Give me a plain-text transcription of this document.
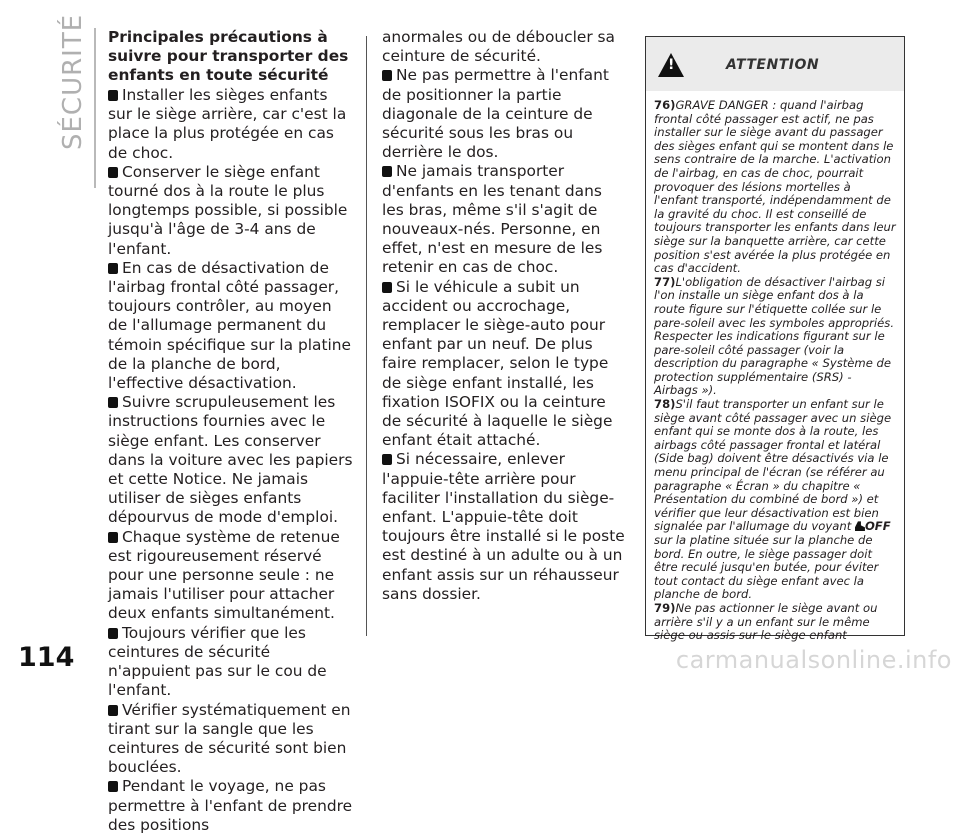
SÉCURITÉ
114
Principales précautions à suivre pour transporter des enfants en toute sécurité

Installer les sièges enfants sur le siège arrière, car c'est la place la plus protégée en cas de choc.

Conserver le siège enfant tourné dos à la route le plus longtemps possible, si possible jusqu'à l'âge de 3-4 ans de l'enfant.

En cas de désactivation de l'airbag frontal côté passager, toujours contrôler, au moyen de l'allumage permanent du témoin spécifique sur la platine de la planche de bord, l'effective désactivation.

Suivre scrupuleusement les instructions fournies avec le siège enfant. Les conserver dans la voiture avec les papiers et cette Notice. Ne jamais utiliser de sièges enfants dépourvus de mode d'emploi.

Chaque système de retenue est rigoureusement réservé pour une personne seule : ne jamais l'utiliser pour attacher deux enfants simultanément.

Toujours vérifier que les ceintures de sécurité n'appuient pas sur le cou de l'enfant.

Vérifier systématiquement en tirant sur la sangle que les ceintures de sécurité sont bien bouclées.

Pendant le voyage, ne pas permettre à l'enfant de prendre des positions

anormales ou de déboucler sa ceinture de sécurité.

Ne pas permettre à l'enfant de positionner la partie diagonale de la ceinture de sécurité sous les bras ou derrière le dos.

Ne jamais transporter d'enfants en les tenant dans les bras, même s'il s'agit de nouveaux-nés. Personne, en effet, n'est en mesure de les retenir en cas de choc.

Si le véhicule a subit un accident ou accrochage, remplacer le siège-auto pour enfant par un neuf. De plus faire remplacer, selon le type de siège enfant installé, les fixation ISOFIX ou la ceinture de sécurité à laquelle le siège enfant était attaché.

Si nécessaire, enlever l'appuie-tête arrière pour faciliter l'installation du siège-enfant. L'appuie-tête doit toujours être installé si le poste est destiné à un adulte ou à un enfant assis sur un réhausseur sans dossier.

!	ATTENTION

76)GRAVE DANGER : quand l'airbag frontal côté passager est actif, ne pas installer sur le siège avant du passager des sièges enfant qui se montent dans le sens contraire de la marche. L'activation de l'airbag, en cas de choc, pourrait provoquer des lésions mortelles à l'enfant transporté, indépendamment de la gravité du choc. Il est conseillé de toujours transporter les enfants dans leur siège sur la banquette arrière, car cette position s'est avérée la plus protégée en cas d'accident.

77)L'obligation de désactiver l'airbag si l'on installe un siège enfant dos à la route figure sur l'étiquette collée sur le pare-soleil avec les symboles appropriés. Respecter les indications figurant sur le pare-soleil côté passager (voir la description du paragraphe « Système de protection supplémentaire (SRS) - Airbags »).

78)S'il faut transporter un enfant sur le siège avant côté passager avec un siège enfant qui se monte dos à la route, les airbags côté passager frontal et latéral (Side bag) doivent être désactivés via le menu principal de l'écran (se référer au paragraphe « Écran » du chapitre « Présentation du combiné de bord ») et vérifier que leur désactivation est bien signalée par l'allumage du voyant OFF sur la platine située sur la planche de bord. En outre, le siège passager doit être reculé jusqu'en butée, pour éviter tout contact du siège enfant avec la planche de bord.

79)Ne pas actionner le siège avant ou arrière s'il y a un enfant sur le même siège ou assis sur le siège enfant

carmanualsonline.info
